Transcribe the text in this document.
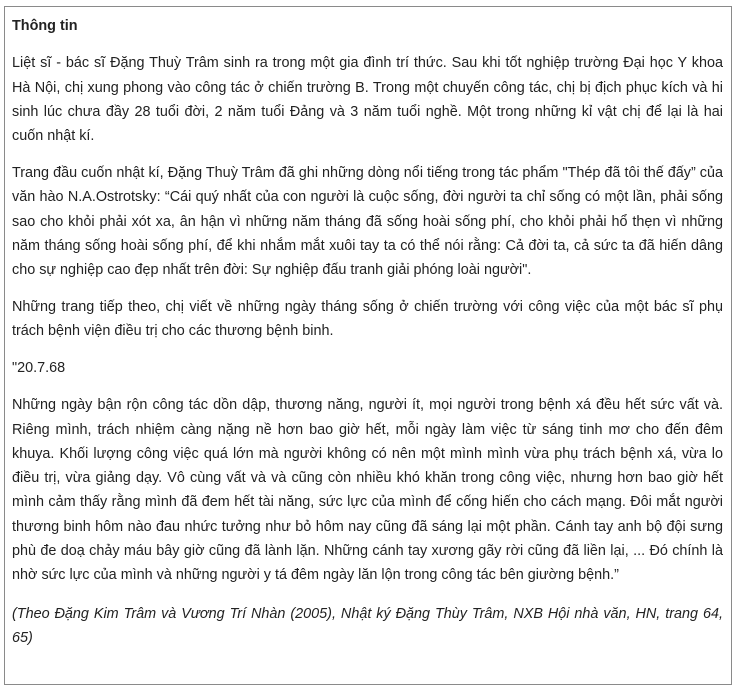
Thông tin

Liệt sĩ - bác sĩ Đặng Thuỳ Trâm sinh ra trong một gia đình trí thức. Sau khi tốt nghiệp trường Đại học Y khoa Hà Nội, chị xung phong vào công tác ở chiến trường B. Trong một chuyến công tác, chị bị địch phục kích và hi sinh lúc chưa đầy 28 tuổi đời, 2 năm tuổi Đảng và 3 năm tuổi nghề. Một trong những kỉ vật chị để lại là hai cuốn nhật kí.

Trang đầu cuốn nhật kí, Đặng Thuỳ Trâm đã ghi những dòng nổi tiếng trong tác phẩm "Thép đã tôi thế đấy” của văn hào N.A.Ostrotsky: “Cái quý nhất của con người là cuộc sống, đời người ta chỉ sống có một lần, phải sống sao cho khỏi phải xót xa, ân hận vì những năm tháng đã sống hoài sống phí, cho khỏi phải hổ thẹn vì những năm tháng sống hoài sống phí, để khi nhắm mắt xuôi tay ta có thể nói rằng: Cả đời ta, cả sức ta đã hiến dâng cho sự nghiệp cao đẹp nhất trên đời: Sự nghiệp đấu tranh giải phóng loài người".

Những trang tiếp theo, chị viết về những ngày tháng sống ở chiến trường với công việc của một bác sĩ phụ trách bệnh viện điều trị cho các thương bệnh binh.

"20.7.68

Những ngày bận rộn công tác dồn dập, thương năng, người ít, mọi người trong bệnh xá đều hết sức vất và. Riêng mình, trách nhiệm càng nặng nề hơn bao giờ hết, mỗi ngày làm việc từ sáng tinh mơ cho đến đêm khuya. Khối lượng công việc quá lớn mà người không có nên một mình mình vừa phụ trách bệnh xá, vừa lo điều trị, vừa giảng dạy. Vô cùng vất và và cũng còn nhiều khó khăn trong công việc, nhưng hơn bao giờ hết mình cảm thấy rằng mình đã đem hết tài năng, sức lực của mình để cống hiến cho cách mạng. Đôi mắt người thương binh hôm nào đau nhức tưởng như bỏ hôm nay cũng đã sáng lại một phần. Cánh tay anh bộ đội sưng phù đe doạ chảy máu bây giờ cũng đã lành lặn. Những cánh tay xương gãy rời cũng đã liền lại, ... Đó chính là nhờ sức lực của mình và những người y tá đêm ngày lăn lộn trong công tác bên giường bệnh.”

(Theo Đặng Kim Trâm và Vương Trí Nhàn (2005), Nhật ký Đặng Thùy Trâm, NXB Hội nhà văn, HN, trang 64, 65)
